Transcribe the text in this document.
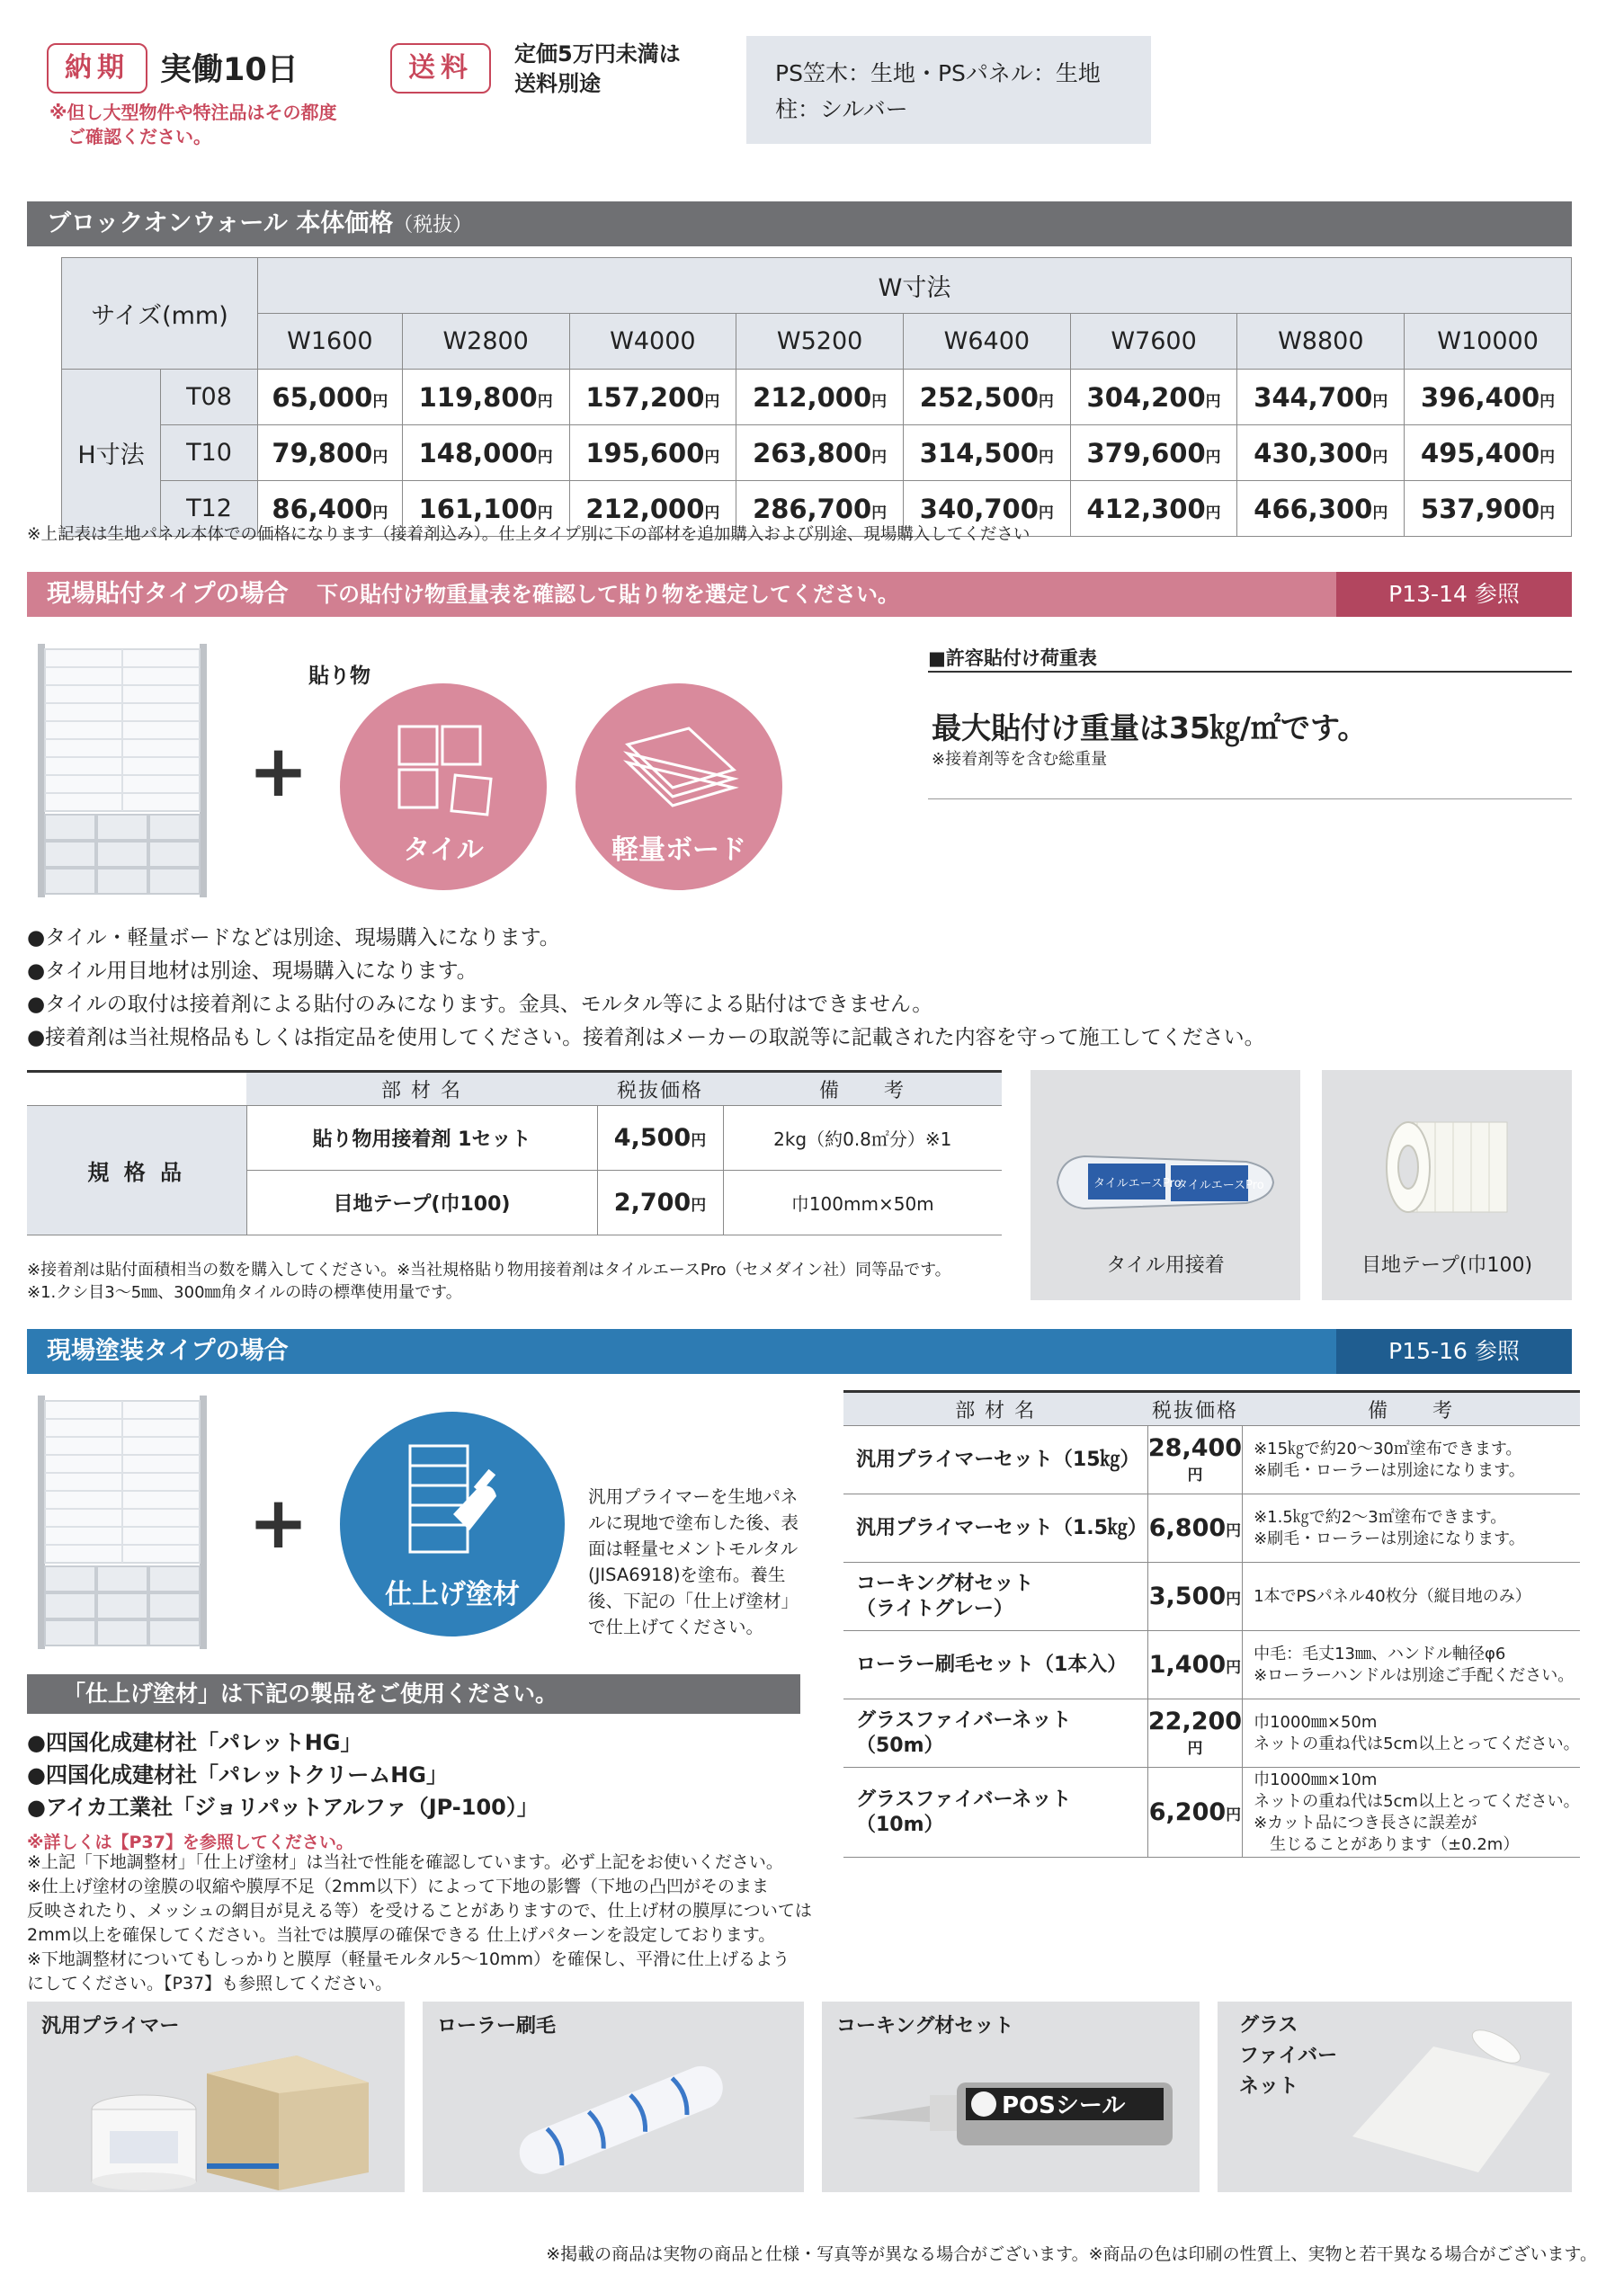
納期 実働10日
※但し大型物件や特注品はその都度
　ご確認ください。
送料	定価5万円未満は
送料別途	PS笠木：生地・PSパネル：生地
柱：シルバー
ブロックオンウォール 本体価格（税抜）
サイズ(mm)		W寸法							
		W1600	W2800	W4000	W5200	W6400	W7600	W8800	W10000
H寸法	T08	65,000円	119,800円	157,200円	212,000円	252,500円	304,200円	344,700円	396,400円
	T10	79,800円	148,000円	195,600円	263,800円	314,500円	379,600円	430,300円	495,400円
	T12	86,400円	161,100円	212,000円	286,700円	340,700円	412,300円	466,300円	537,900円
※上記表は生地パネル本体での価格になります（接着剤込み）。仕上タイプ別に下の部材を追加購入および別途、現場購入してください
現場貼付タイプの場合 下の貼付け物重量表を確認して貼り物を選定してください。	P13-14 参照
+
貼り物
タイル	軽量ボード
■許容貼付け荷重表
最大貼付け重量は35㎏/㎡です。
※接着剤等を含む総重量
●タイル・軽量ボードなどは別途、現場購入になります。
●タイル用目地材は別途、現場購入になります。
●タイルの取付は接着剤による貼付のみになります。金具、モルタル等による貼付はできません。
●接着剤は当社規格品もしくは指定品を使用してください。接着剤はメーカーの取説等に記載された内容を守って施工してください。
	部 材 名	税抜価格	備　　考
規 格 品	貼り物用接着剤 1セット	4,500円	2kg（約0.8㎡分）※1
	目地テープ(巾100)	2,700円	巾100mm×50m
※接着剤は貼付面積相当の数を購入してください。※当社規格貼り物用接着剤はタイルエースPro（セメダイン社）同等品です。
※1.クシ目3～5㎜、300㎜角タイルの時の標準使用量です。
タイルエースPro
タイルエースPro
タイル用接着	目地テープ(巾100)
現場塗装タイプの場合	P15-16 参照
+
仕上げ塗材
汎用プライマーを生地パネルに現地で塗布した後、表面は軽量セメントモルタル(JISA6918)を塗布。養生後、下記の「仕上げ塗材」で仕上げてください。
「仕上げ塗材」は下記の製品をご使用ください。
●四国化成建材社「パレットHG」
●四国化成建材社「パレットクリームHG」
●アイカ工業社「ジョリパットアルファ（JP-100）」
※詳しくは【P37】を参照してください。
※上記「下地調整材」「仕上げ塗材」は当社で性能を確認しています。必ず上記をお使いください。
※仕上げ塗材の塗膜の収縮や膜厚不足（2mm以下）によって下地の影響（下地の凸凹がそのまま
反映されたり、メッシュの網目が見える等）を受けることがありますので、仕上げ材の膜厚については
2mm以上を確保してください。当社では膜厚の確保できる 仕上げパターンを設定しております。
※下地調整材についてもしっかりと膜厚（軽量モルタル5～10mm）を確保し、平滑に仕上げるよう
にしてください。【P37】も参照してください。
部 材 名	税抜価格	備　　考
汎用プライマーセット（15㎏）	28,400円	※15㎏で約20～30㎡塗布できます。
※刷毛・ローラーは別途になります。
汎用プライマーセット（1.5㎏）	6,800円	※1.5㎏で約2～3㎡塗布できます。
※刷毛・ローラーは別途になります。
コーキング材セット
（ライトグレー）	3,500円	1本でPSパネル40枚分（縦目地のみ）
ローラー刷毛セット（1本入）	1,400円	中毛：毛丈13㎜、ハンドル軸径φ6
※ローラーハンドルは別途ご手配ください。
グラスファイバーネット
（50m）	22,200円	巾1000㎜×50m
ネットの重ね代は5cm以上とってください。
グラスファイバーネット
（10m）	6,200円	巾1000㎜×10m
ネットの重ね代は5cm以上とってください。
※カット品につき長さに誤差が
　生じることがあります（±0.2m）
汎用プライマー	ローラー刷毛	コーキング材セット
POSシール
グラス
ファイバー
ネット
※掲載の商品は実物の商品と仕様・写真等が異なる場合がございます。※商品の色は印刷の性質上、実物と若干異なる場合がございます。
